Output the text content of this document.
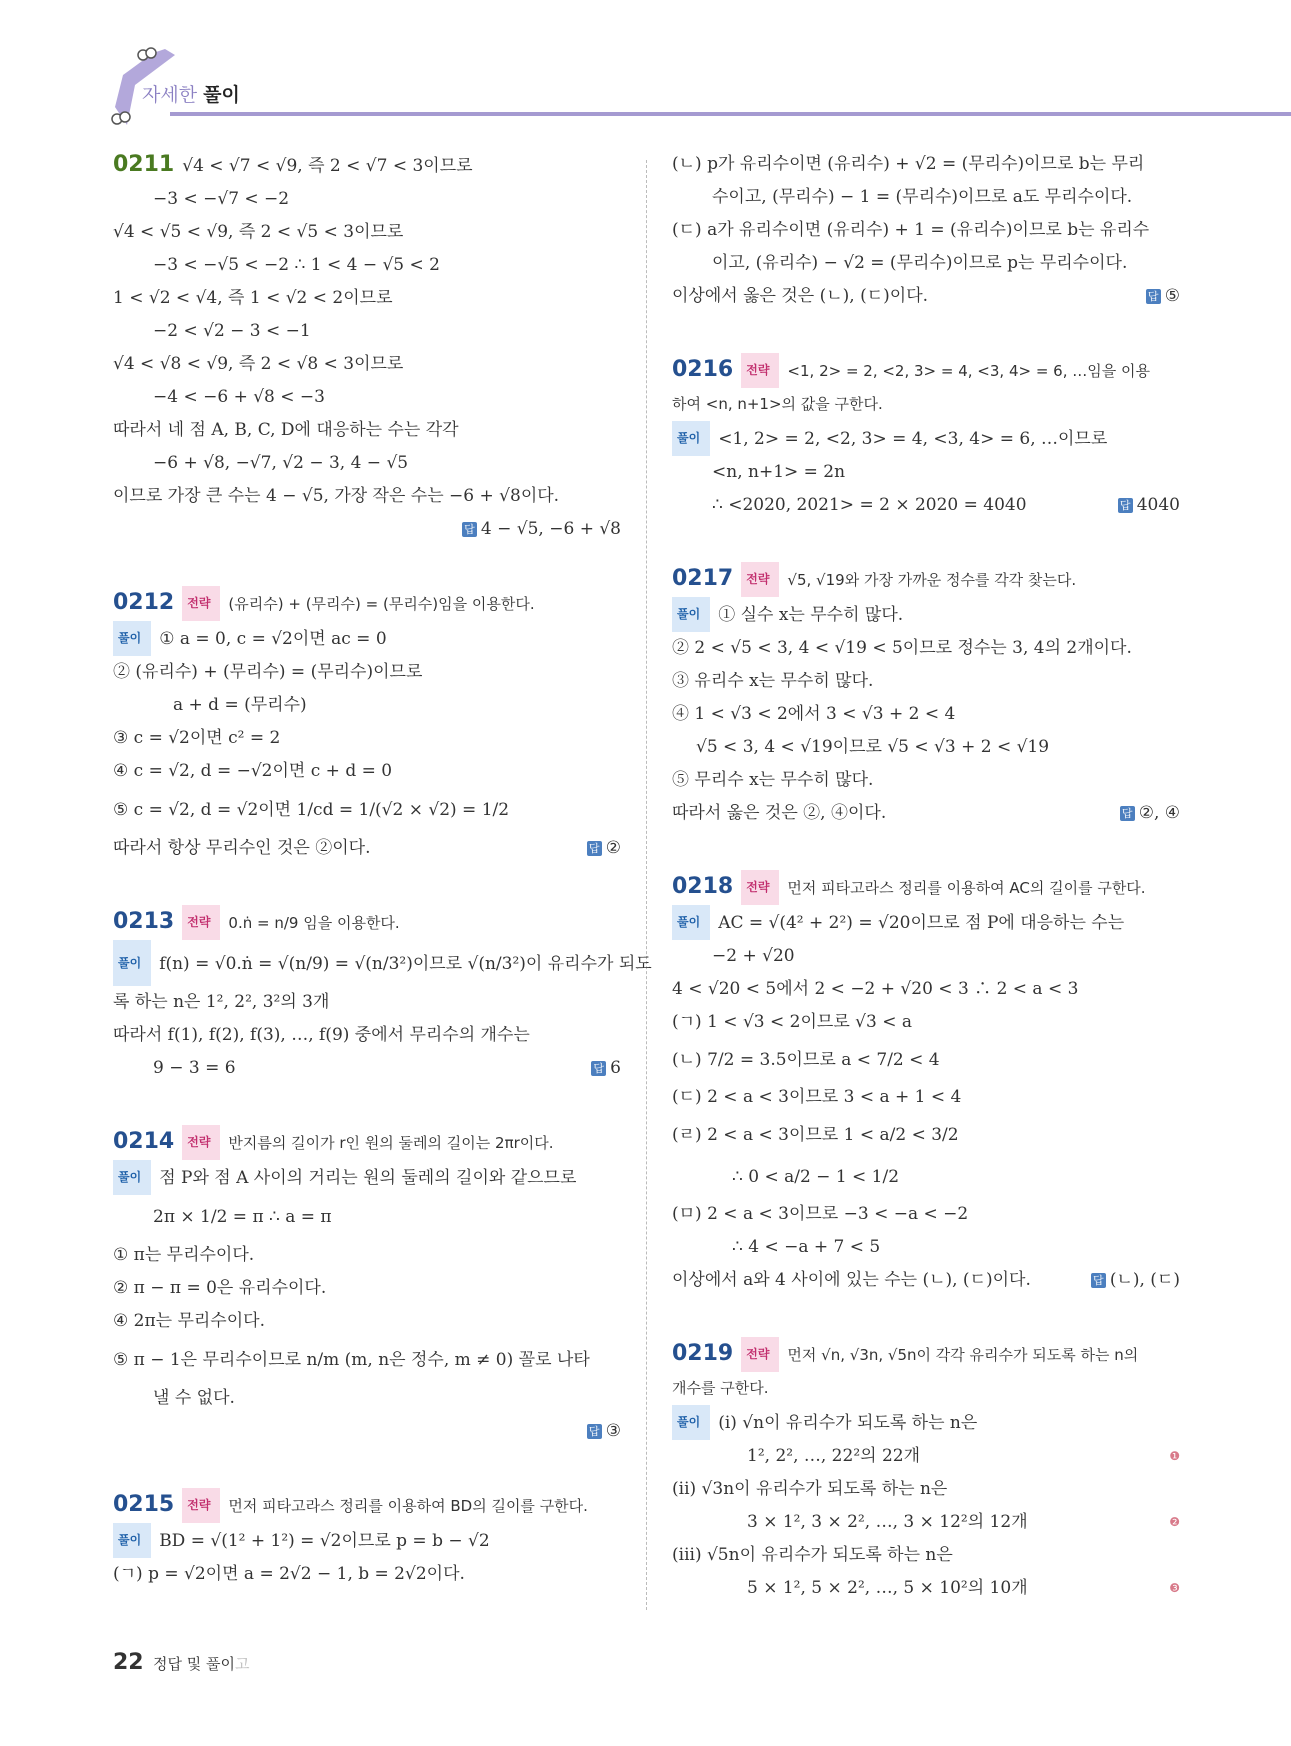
자세한 풀이
0211 √4 < √7 < √9, 즉 2 < √7 < 3이므로
−3 < −√7 < −2
√4 < √5 < √9, 즉 2 < √5 < 3이므로
−3 < −√5 < −2 ∴ 1 < 4 − √5 < 2
1 < √2 < √4, 즉 1 < √2 < 2이므로
−2 < √2 − 3 < −1
√4 < √8 < √9, 즉 2 < √8 < 3이므로
−4 < −6 + √8 < −3
따라서 네 점 A, B, C, D에 대응하는 수는 각각
−6 + √8, −√7, √2 − 3, 4 − √5
이므로 가장 큰 수는 4 − √5, 가장 작은 수는 −6 + √8이다.
답 4 − √5, −6 + √8
0212 전략 (유리수) + (무리수) = (무리수)임을 이용한다.
풀이 ① a = 0, c = √2이면 ac = 0
② (유리수) + (무리수) = (무리수)이므로
a + d = (무리수)
③ c = √2이면 c² = 2
④ c = √2, d = −√2이면 c + d = 0
⑤ c = √2, d = √2이면 1/cd = 1/(√2 × √2) = 1/2
따라서 항상 무리수인 것은 ②이다.	답 ②
0213 전략 0.ṅ = n/9 임을 이용한다.
풀이 f(n) = √0.ṅ = √(n/9) = √(n/3²)이므로 √(n/3²)이 유리수가 되도
록 하는 n은 1², 2², 3²의 3개
따라서 f(1), f(2), f(3), …, f(9) 중에서 무리수의 개수는
9 − 3 = 6	답 6
0214 전략 반지름의 길이가 r인 원의 둘레의 길이는 2πr이다.
풀이 점 P와 점 A 사이의 거리는 원의 둘레의 길이와 같으므로
2π × 1/2 = π ∴ a = π
① π는 무리수이다.
② π − π = 0은 유리수이다.
④ 2π는 무리수이다.
⑤ π − 1은 무리수이므로 n/m (m, n은 정수, m ≠ 0) 꼴로 나타
낼 수 없다.
답 ③
0215 전략 먼저 피타고라스 정리를 이용하여 BD의 길이를 구한다.
풀이 BD = √(1² + 1²) = √2이므로 p = b − √2
(ㄱ) p = √2이면 a = 2√2 − 1, b = 2√2이다.
(ㄴ) p가 유리수이면 (유리수) + √2 = (무리수)이므로 b는 무리
수이고, (무리수) − 1 = (무리수)이므로 a도 무리수이다.
(ㄷ) a가 유리수이면 (유리수) + 1 = (유리수)이므로 b는 유리수
이고, (유리수) − √2 = (무리수)이므로 p는 무리수이다.
이상에서 옳은 것은 (ㄴ), (ㄷ)이다.	답 ⑤
0216 전략 <1, 2> = 2, <2, 3> = 4, <3, 4> = 6, …임을 이용
하여 <n, n+1>의 값을 구한다.
풀이 <1, 2> = 2, <2, 3> = 4, <3, 4> = 6, …이므로
<n, n+1> = 2n
∴ <2020, 2021> = 2 × 2020 = 4040	답 4040
0217 전략 √5, √19와 가장 가까운 정수를 각각 찾는다.
풀이 ① 실수 x는 무수히 많다.
② 2 < √5 < 3, 4 < √19 < 5이므로 정수는 3, 4의 2개이다.
③ 유리수 x는 무수히 많다.
④ 1 < √3 < 2에서 3 < √3 + 2 < 4
√5 < 3, 4 < √19이므로 √5 < √3 + 2 < √19
⑤ 무리수 x는 무수히 많다.
따라서 옳은 것은 ②, ④이다.	답 ②, ④
0218 전략 먼저 피타고라스 정리를 이용하여 AC의 길이를 구한다.
풀이 AC = √(4² + 2²) = √20이므로 점 P에 대응하는 수는
−2 + √20
4 < √20 < 5에서 2 < −2 + √20 < 3 ∴ 2 < a < 3
(ㄱ) 1 < √3 < 2이므로 √3 < a
(ㄴ) 7/2 = 3.5이므로 a < 7/2 < 4
(ㄷ) 2 < a < 3이므로 3 < a + 1 < 4
(ㄹ) 2 < a < 3이므로 1 < a/2 < 3/2
∴ 0 < a/2 − 1 < 1/2
(ㅁ) 2 < a < 3이므로 −3 < −a < −2
∴ 4 < −a + 7 < 5
이상에서 a와 4 사이에 있는 수는 (ㄴ), (ㄷ)이다.	답 (ㄴ), (ㄷ)
0219 전략 먼저 √n, √3n, √5n이 각각 유리수가 되도록 하는 n의
개수를 구한다.
풀이 (i) √n이 유리수가 되도록 하는 n은
1², 2², …, 22²의 22개	❶
(ii) √3n이 유리수가 되도록 하는 n은
3 × 1², 3 × 2², …, 3 × 12²의 12개	❷
(iii) √5n이 유리수가 되도록 하는 n은
5 × 1², 5 × 2², …, 5 × 10²의 10개	❸
22 정답 및 풀이고
